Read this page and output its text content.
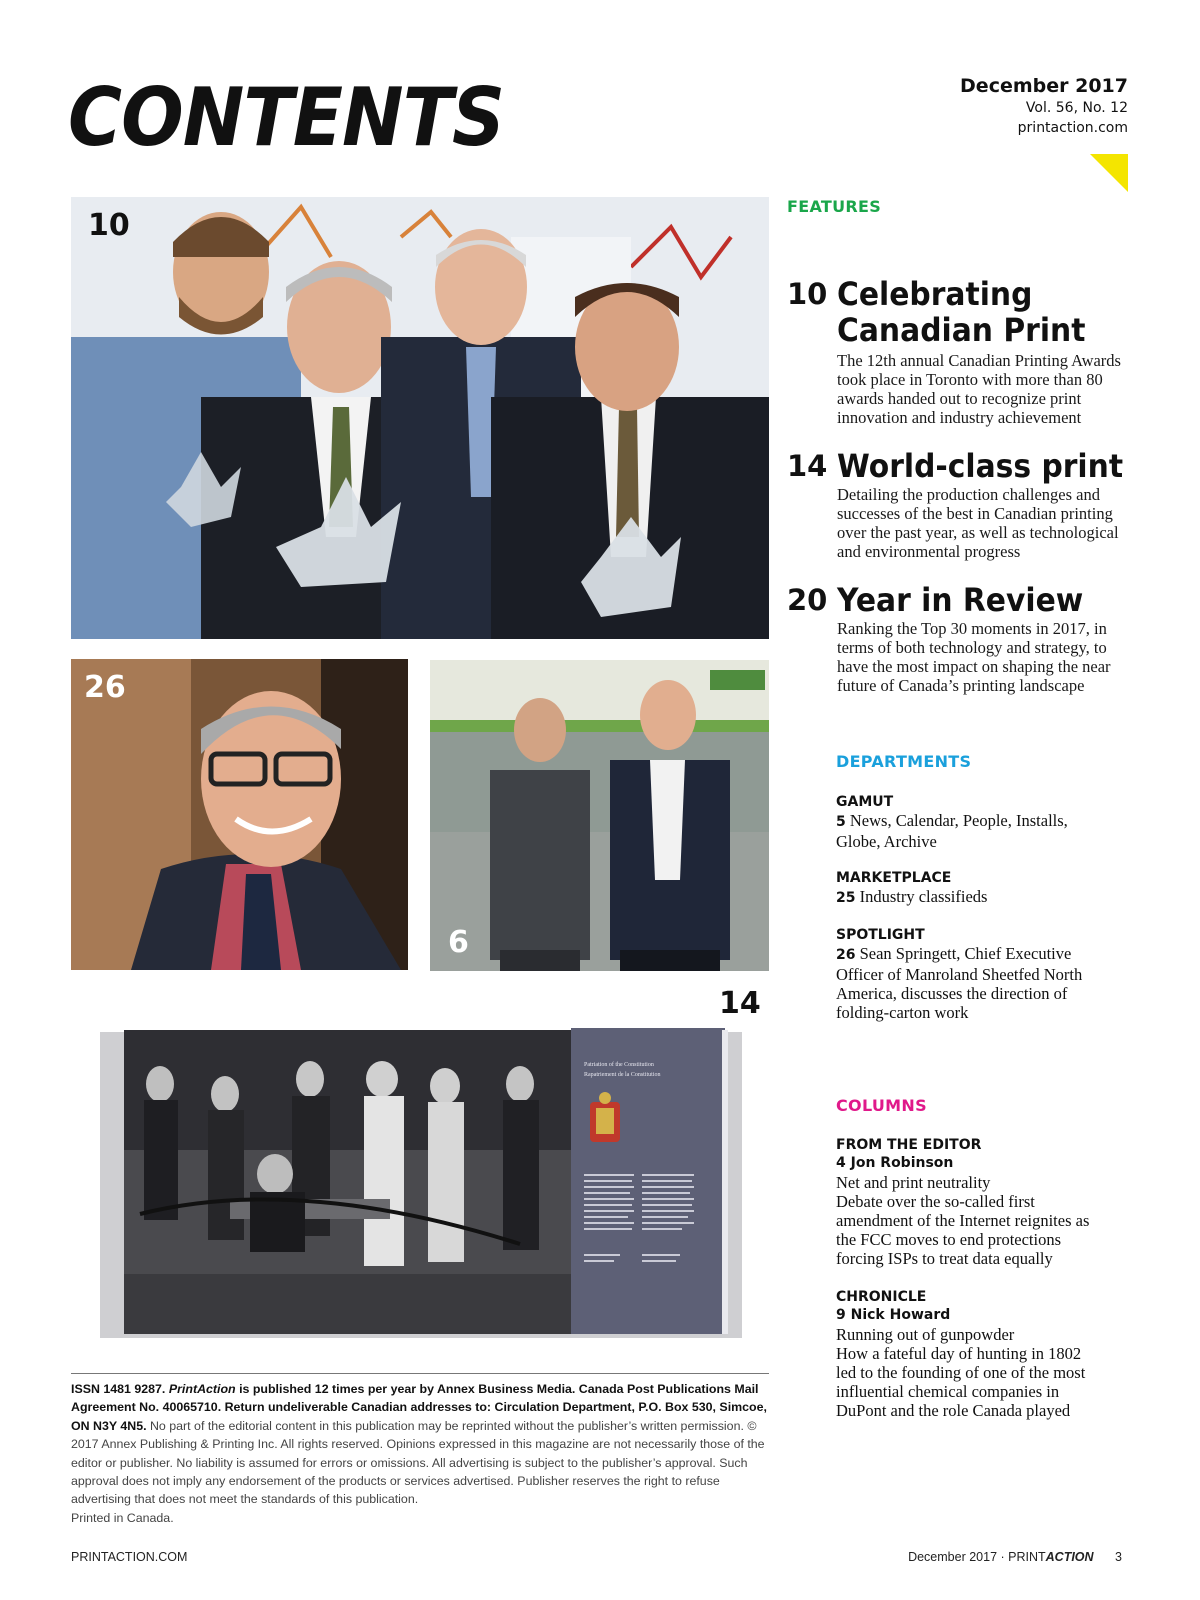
CONTENTS	December 2017
Vol. 56, No. 12
printaction.com
10
26
6
14
Patriation of the Constitution
Rapatriement de la Constitution
FEATURES
10 Celebrating
Canadian Print
The 12th annual Canadian Printing Awards
took place in Toronto with more than 80
awards handed out to recognize print
innovation and industry achievement
14 World-class print
Detailing the production challenges and
successes of the best in Canadian printing
over the past year, as well as technological
and environmental progress
20 Year in Review
Ranking the Top 30 moments in 2017, in
terms of both technology and strategy, to
have the most impact on shaping the near
future of Canada’s printing landscape
DEPARTMENTS
GAMUT
5 News, Calendar, People, Installs,
Globe, Archive
MARKETPLACE
25 Industry classifieds
SPOTLIGHT
26 Sean Springett, Chief Executive
Officer of Manroland Sheetfed North
America, discusses the direction of
folding-carton work
COLUMNS
FROM THE EDITOR
4 Jon Robinson
Net and print neutrality
Debate over the so-called first
amendment of the Internet reignites as
the FCC moves to end protections
forcing ISPs to treat data equally
CHRONICLE
9 Nick Howard
Running out of gunpowder
How a fateful day of hunting in 1802
led to the founding of one of the most
influential chemical companies in
DuPont and the role Canada played
ISSN 1481 9287. PrintAction is published 12 times per year by Annex Business Media. Canada Post Publications Mail Agreement No. 40065710. Return undeliverable Canadian addresses to: Circulation Department, P.O. Box 530, Simcoe, ON N3Y 4N5. No part of the editorial content in this publication may be reprinted without the publisher’s written permission. © 2017 Annex Publishing & Printing Inc. All rights reserved. Opinions expressed in this magazine are not necessarily those of the editor or publisher. No liability is assumed for errors or omissions. All advertising is subject to the publisher’s approval. Such approval does not imply any endorsement of the products or services advertised. Publisher reserves the right to refuse advertising that does not meet the standards of this publication.
Printed in Canada.
PRINTACTION.COM	December 2017 · PRINTACTION 3
